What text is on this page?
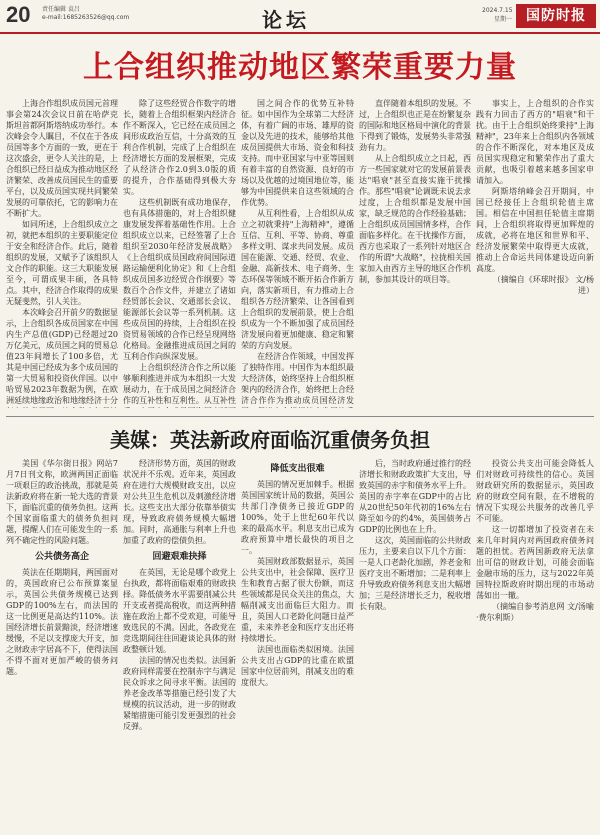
20 责任编辑 袁吕
e-mail:1685263526@qq.com	论坛	2024.7.15
星期一	国防时报
上合组织推动地区繁荣重要力量

上海合作组织成员国元首理事会第24次会议日前在哈萨克斯坦首都阿斯塔纳成功举行。本次峰会令人瞩目，不仅在于各成员国等多个方面的一致，更在于这次盛会，更令人关注的是，上合组织已经日益成为推动地区经济繁荣、改善成员国民生的重要平台，以及成员国实现共同繁荣发展的可靠依托，它的影响力在不断扩大。

如同所述，上合组织成立之初，就把本组织的主要职能定位于安全和经济合作。此后，随着组织的发展，又赋予了该组织人文合作的职能。这三大职能发展至今，可谓成果丰硕，各具特点。其中，经济合作取得的成果无疑斐然，引人关注。

本次峰会召开前夕的数据显示，上合组织各成员国家在中国内生产总值(GDP)已经超过20万亿美元，成员国之间的贸易总值23年间增长了100多倍，尤其是中国已经成为多个成员国的第一大贸易和投资伙伴国。以中哈贸易2023年数据为例，在欧洲延续地缘政治和地缘经济十分

除了这些经贸合作数字的增长，随着上合组织框架内经济合作不断深入，它已经在成员国之间形成政治互信，十分高效的互利合作机制，完成了上合组织在经济增长方面的发展框架，完成了从经济合作2.0到3.0版的质的提升，合作基础得到极大夯实。

这些机制既有成功地保存，也有具体措施的，对上合组织健康发展发挥着基础性作用。上合组织成立以来，已经签署了上合组织至2030年经济发展战略》《上合组织成员国政府间国际道路运输便利化协定》和《上合组织成员国多边经贸合作纲要》等数百个合作文件，并建立了诸如经贸部长会议、交通部长会议、能源部长会议等一系列机制。这些成员国的持续，上合组织在投资贸易领域的合作已经呈现网络化格局。金融推进成员国之间的互利合作向纵深发展。

上合组织经济合作之所以能够顺利推进并成为本组织一大发展动力，在于成员国之间经济合作的互补性和互利性。从互补性

国之间合作的优势互补特征。如中国作为全球第二大经济体，有着广阔的市场、雄厚的资金以及先进的技术，能够给其他成员国提供大市场、资金和科技支持。而中亚国家与中亚等国则有着丰富的自然资源、良好的市场以及优越的过境国地位等，能够为中国提供来自这些领域的合作优势。

从互利性看，上合组织从成立之初就秉持"上海精神"，遵循互信、互利、平等、协商、尊重多样文明、谋求共同发展。成员国在能源、交通、经贸、农业、金融、高新技术、电子商务、生态环保等领域不断开拓合作新方向，落实新项目，有力推动上合组织各方经济繁荣、让各国看到上合组织的发展前景，使上合组织成为一个不断加强了成员国经济发展向着更加健康、稳定和繁荣的方向发展。

在经济合作领域，中国发挥了独特作用。中国作为本组织最大经济体，始终坚持上合组织框架内的经济合作，始终把上合经济合作作为推动成员国经济发

直伴随着本组织的发展。不过，上合组织也正是在纷繁复杂的国际和地区格局中演化的背景下得到了锻炼，发展势头非常强劲有力。

从上合组织成立之日起，西方一些国家就对它的发展前景表达"唱衰"甚至直接实施干扰操作。那些"唱衰"论调既未说去求过度，上合组织都是发展中国家，缺乏规范的合作经验基础；上合组织成员国国情多样，合作面临多样化。在干扰操作方面，西方也采取了一系列针对地区合作的所谓"大战略"，拉拢相关国家加入由西方主导的地区合作机制，参加其设计的项目等。

事实上，上合组织的合作实践有力回击了西方的"唱衰"和干扰。由于上合组织始终秉持"上海精神"，23年来上合组织内各领域的合作不断深化，对本地区及成员国实现稳定和繁荣作出了重大贡献，也吸引着越来越多国家申请加入。

阿斯塔纳峰会召开期间，中国已经接任上合组织轮值主席国。相信在中国担任轮值主席期间，上合组织将取得更加辉煌的成就，必将在地区和世界和平、经济发展繁荣中取得更大成就，推动上合命运共同体建设迈向新高度。

（摘编自《环球时报》 文/杨进）

美媒：英法新政府面临沉重债务负担

美国《华尔街日报》网站7月7日刊文称，欧洲两国正面临一项艰巨的政治挑战，那就是英法新政府将在新一轮大选的背景下，面临沉重的债务负担。这两个国家面临重大的债务负担问题，提醒人们在可能发生的一系列不确定性的风险问题。

公共债务高企

英法在任期期间，两国面对的，英国政府已公布预算案显示，英国公共债务规模已达到GDP的100%左右，而法国的这一比例更是高达约110%。法国经济增长前景黯淡，经济增速缓慢，不足以支撑庞大开支，加之财政赤字居高不下，使得法国不得不面对更加严峻的债务问题。

经济形势方面，英国的财政状况并不乐观。近年来，英国政府在进行大规模财政支出，以应对公共卫生危机以及刺激经济增长。这些支出大部分依靠举债实现，导致政府债务规模大幅增加。同时，高通胀与利率上升也加重了政府的偿债负担。

回避艰难抉择

在英国，无论是哪个政党上台执政，都将面临艰难的财政抉择。降低债务水平需要削减公共开支或者提高税收，而这两种措施在政治上都不受欢迎，可能导致选民的不满。因此，各政党在竞选期间往往回避谈论具体的财政整顿计划。

法国的情况也类似。法国新政府同样需要在控制赤字与满足民众诉求之间寻求平衡。法国的养老金改革等措施已经引发了大规模的抗议活动，进一步的财政紧缩措施可能引发更强烈的社会反弹。

降低支出很难

英国的情况更加棘手。根据英国国家统计局的数据，英国公共部门净债务已接近GDP的100%，处于上世纪60年代以来的最高水平。利息支出已成为政府预算中增长最快的项目之一。

英国财政部数据显示，英国公共支出中，社会保障、医疗卫生和教育占据了很大份额，而这些领域都是民众关注的焦点，大幅削减支出面临巨大阻力。而且，英国人口老龄化问题日益严重，未来养老金和医疗支出还将持续增长。

法国也面临类似困境。法国公共支出占GDP的比重在欧盟国家中位居前列，削减支出的难度很大。

后，当时政府通过推行的经济增长和财政政策扩大支出，导致英国的赤字和债务水平上升。英国的赤字率在GDP中的占比从20世纪50年代初的16%左右降至如今的约4%，英国债务占GDP的比例也在上升。

这次，英国面临的公共财政压力，主要来自以下几个方面：一是人口老龄化加剧，养老金和医疗支出不断增加；二是利率上升导致政府债务利息支出大幅增加；三是经济增长乏力，税收增长有限。

投资公共支出可能会降低人们对财政可持续性的信心。英国财政研究所的数据显示，英国政府的财政空间有限，在不增税的情况下实现公共服务的改善几乎不可能。

这一切都增加了投资者在未来几年时间内对两国政府债务问题的担忧。若两国新政府无法拿出可信的财政计划，可能会面临金融市场的压力，这与2022年英国特拉斯政府时期出现的市场动荡如出一辙。

（摘编自参考消息网 文/汤喻·费尔利斯）
